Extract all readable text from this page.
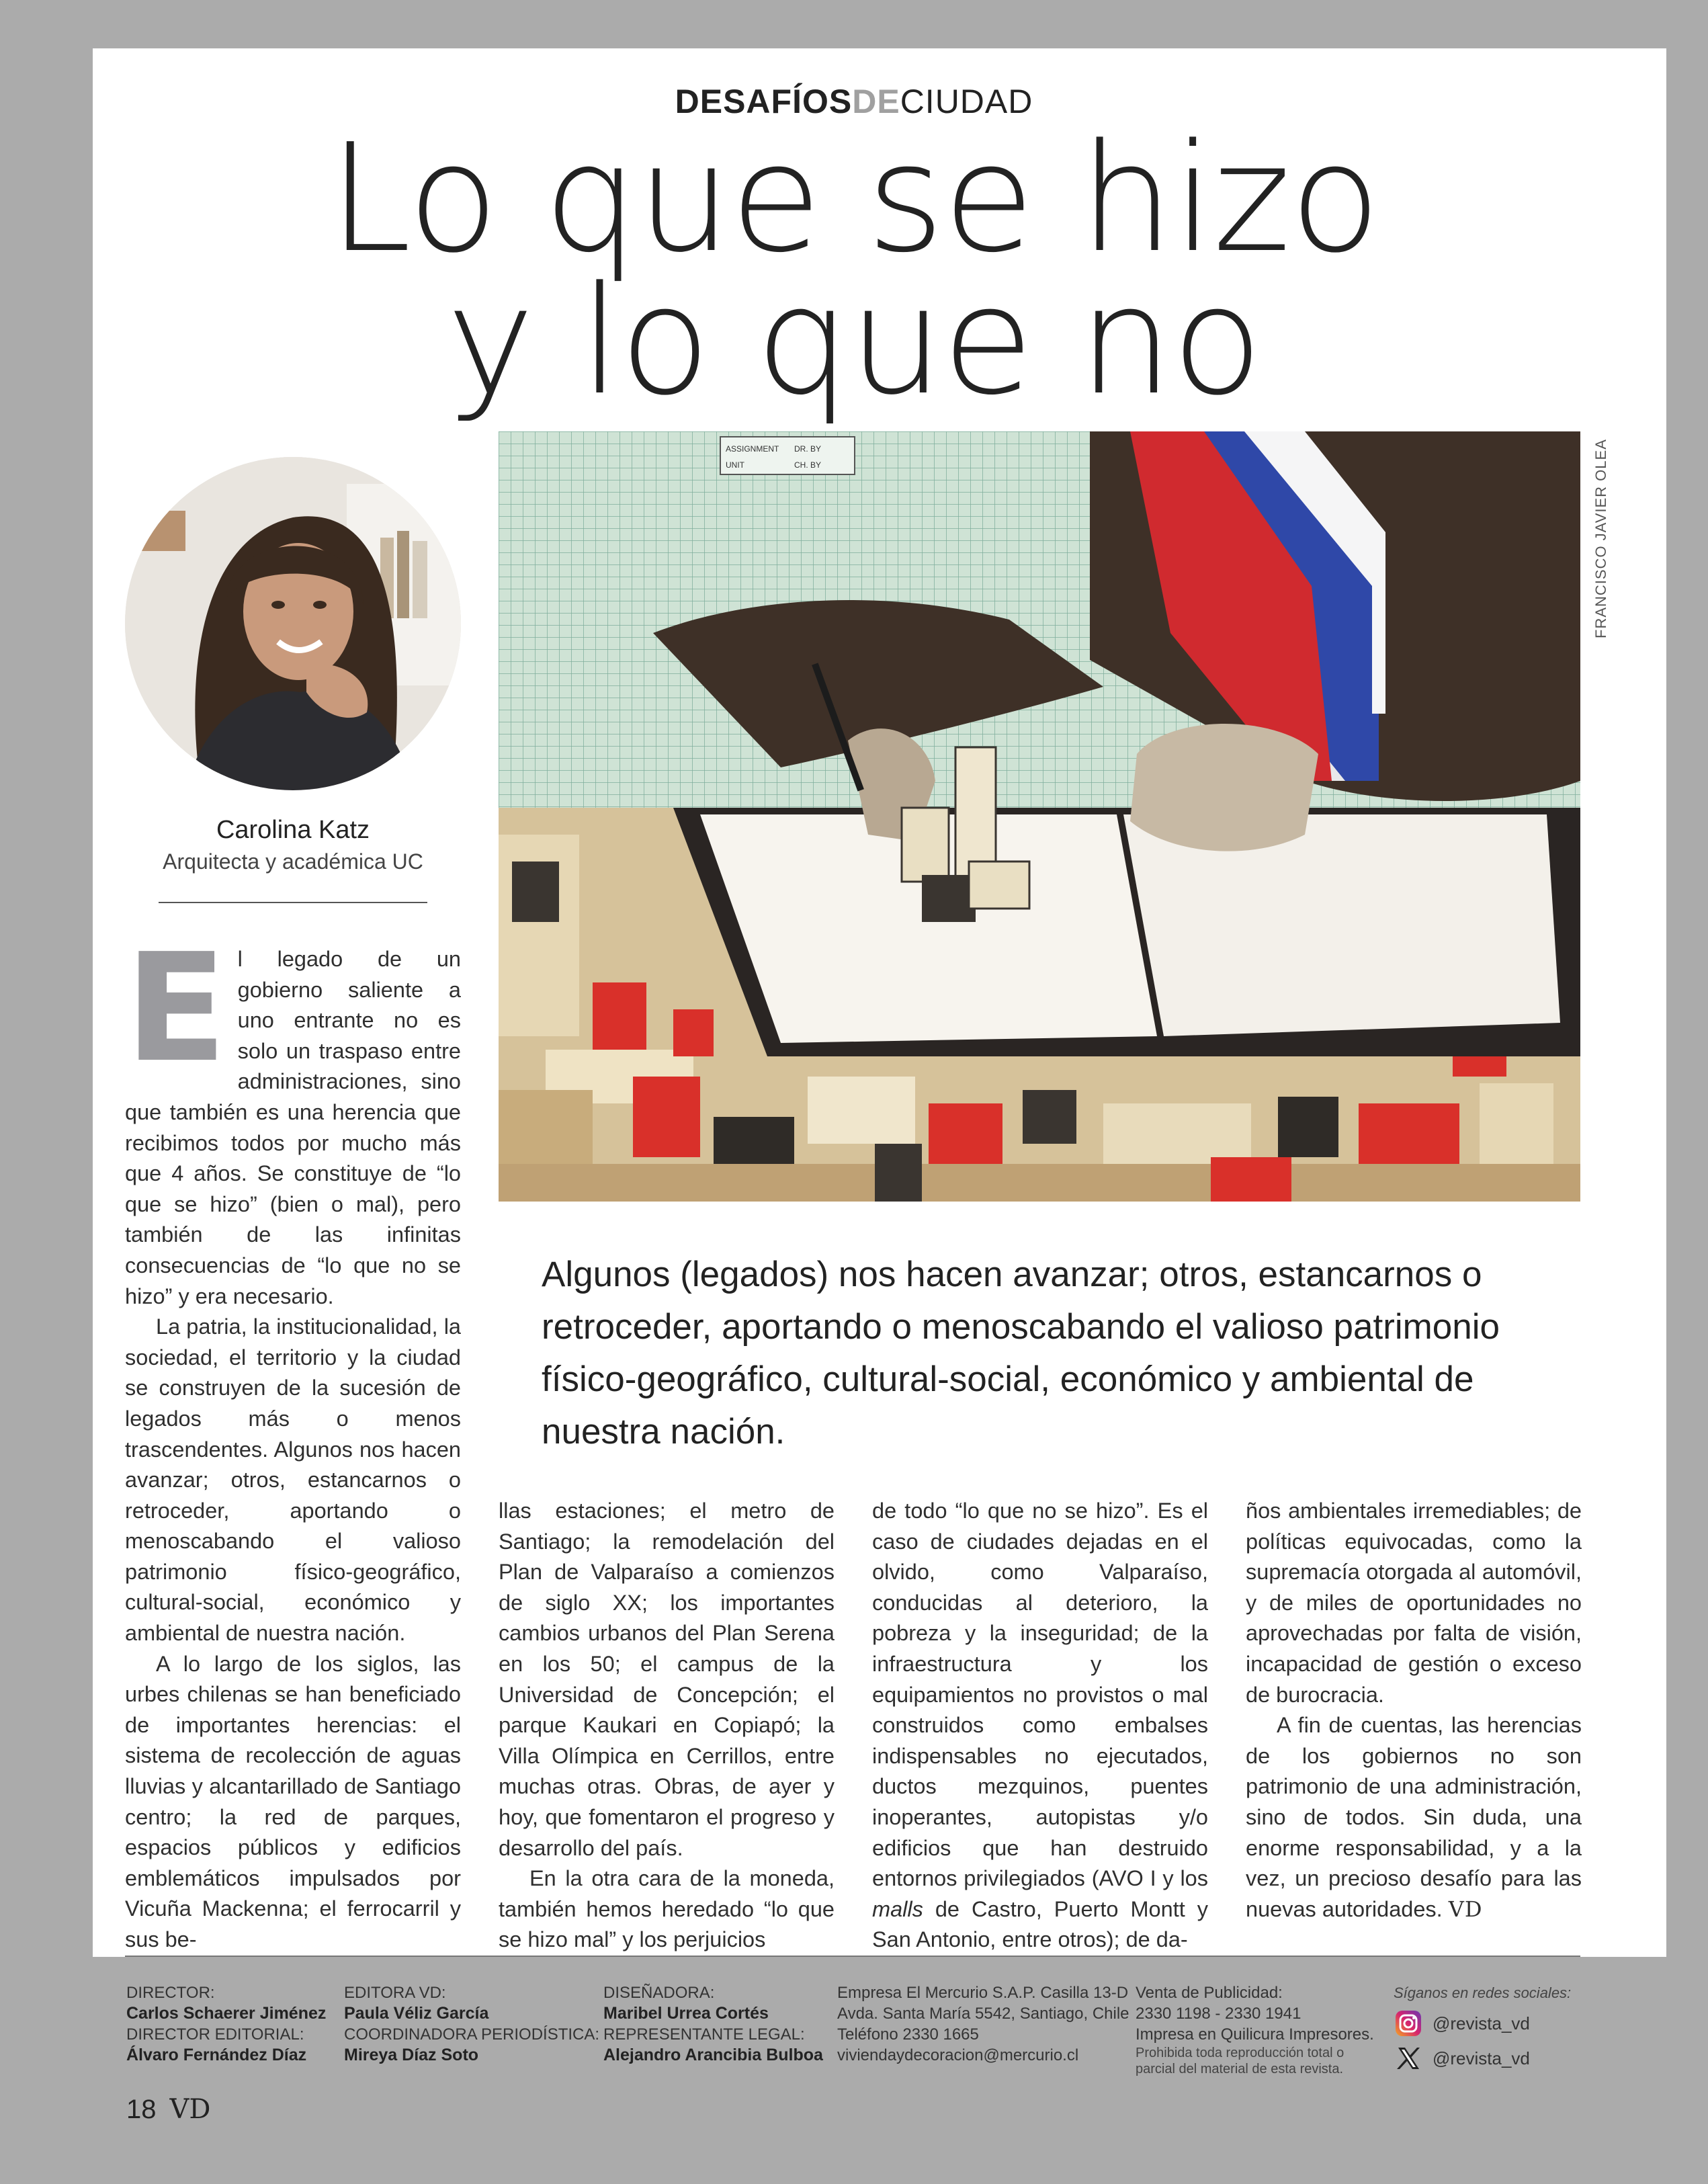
DESAFÍOSDECIUDAD
Lo que se hizo
y lo que no
Carolina Katz
Arquitecta y académica UC
ASSIGNMENT
UNIT
DR. BY
CH. BY	FRANCISCO JAVIER OLEA
Algunos (legados) nos hacen avanzar; otros, estancarnos o retroceder, aportando o menoscabando el valioso patrimonio físico-geográfico, cultural-social, económico y ambiental de nuestra nación.

El legado de un gobierno saliente a uno entrante no es solo un traspaso entre administraciones, sino que también es una herencia que recibimos todos por mucho más que 4 años. Se constituye de “lo que se hizo” (bien o mal), pero también de las infinitas consecuencias de “lo que no se hizo” y era necesario.

La patria, la institucionalidad, la sociedad, el territorio y la ciudad se construyen de la sucesión de legados más o menos trascendentes. Algunos nos hacen avanzar; otros, estancarnos o retroceder, aportando o menoscabando el valioso patrimonio físico-geográfico, cultural-social, económico y ambiental de nuestra nación.

A lo largo de los siglos, las urbes chilenas se han beneficiado de importantes herencias: el sistema de recolección de aguas lluvias y alcantarillado de Santiago centro; la red de parques, espacios públicos y edificios emblemáticos impulsados por Vicuña Mackenna; el ferrocarril y sus be-

llas estaciones; el metro de Santiago; la remodelación del Plan de Valparaíso a comienzos de siglo XX; los importantes cambios urbanos del Plan Serena en los 50; el campus de la Universidad de Concepción; el parque Kaukari en Copiapó; la Villa Olímpica en Cerrillos, entre muchas otras. Obras, de ayer y hoy, que fomentaron el progreso y desarrollo del país.

En la otra cara de la moneda, también hemos heredado “lo que se hizo mal” y los perjuicios

de todo “lo que no se hizo”. Es el caso de ciudades dejadas en el olvido, como Valparaíso, conducidas al deterioro, la pobreza y la inseguridad; de la infraestructura y los equipamientos no provistos o mal construidos como embalses indispensables no ejecutados, ductos mezquinos, puentes inoperantes, autopistas y/o edificios que han destruido entornos privilegiados (AVO I y los malls de Castro, Puerto Montt y San Antonio, entre otros); de da-

ños ambientales irremediables; de políticas equivocadas, como la supremacía otorgada al automóvil, y de miles de oportunidades no aprovechadas por falta de visión, incapacidad de gestión o exceso de burocracia.

A fin de cuentas, las herencias de los gobiernos no son patrimonio de una administración, sino de todos. Sin duda, una enorme responsabilidad, y a la vez, un precioso desafío para las nuevas autoridades. VD

DIRECTOR:
Carlos Schaerer Jiménez
DIRECTOR EDITORIAL:
Álvaro Fernández Díaz
EDITORA VD:
Paula Véliz García
COORDINADORA PERIODÍSTICA:
Mireya Díaz Soto
DISEÑADORA:
Maribel Urrea Cortés
REPRESENTANTE LEGAL:
Alejandro Arancibia Bulboa
Empresa El Mercurio S.A.P. Casilla 13-D
Avda. Santa María 5542, Santiago, Chile
Teléfono 2330 1665
viviendaydecoracion@mercurio.cl
Venta de Publicidad:
2330 1198 - 2330 1941
Impresa en Quilicura Impresores.
Prohibida toda reproducción total o
parcial del material de esta revista.
Síganos en redes sociales:
@revista_vd
@revista_vd
18 VD
